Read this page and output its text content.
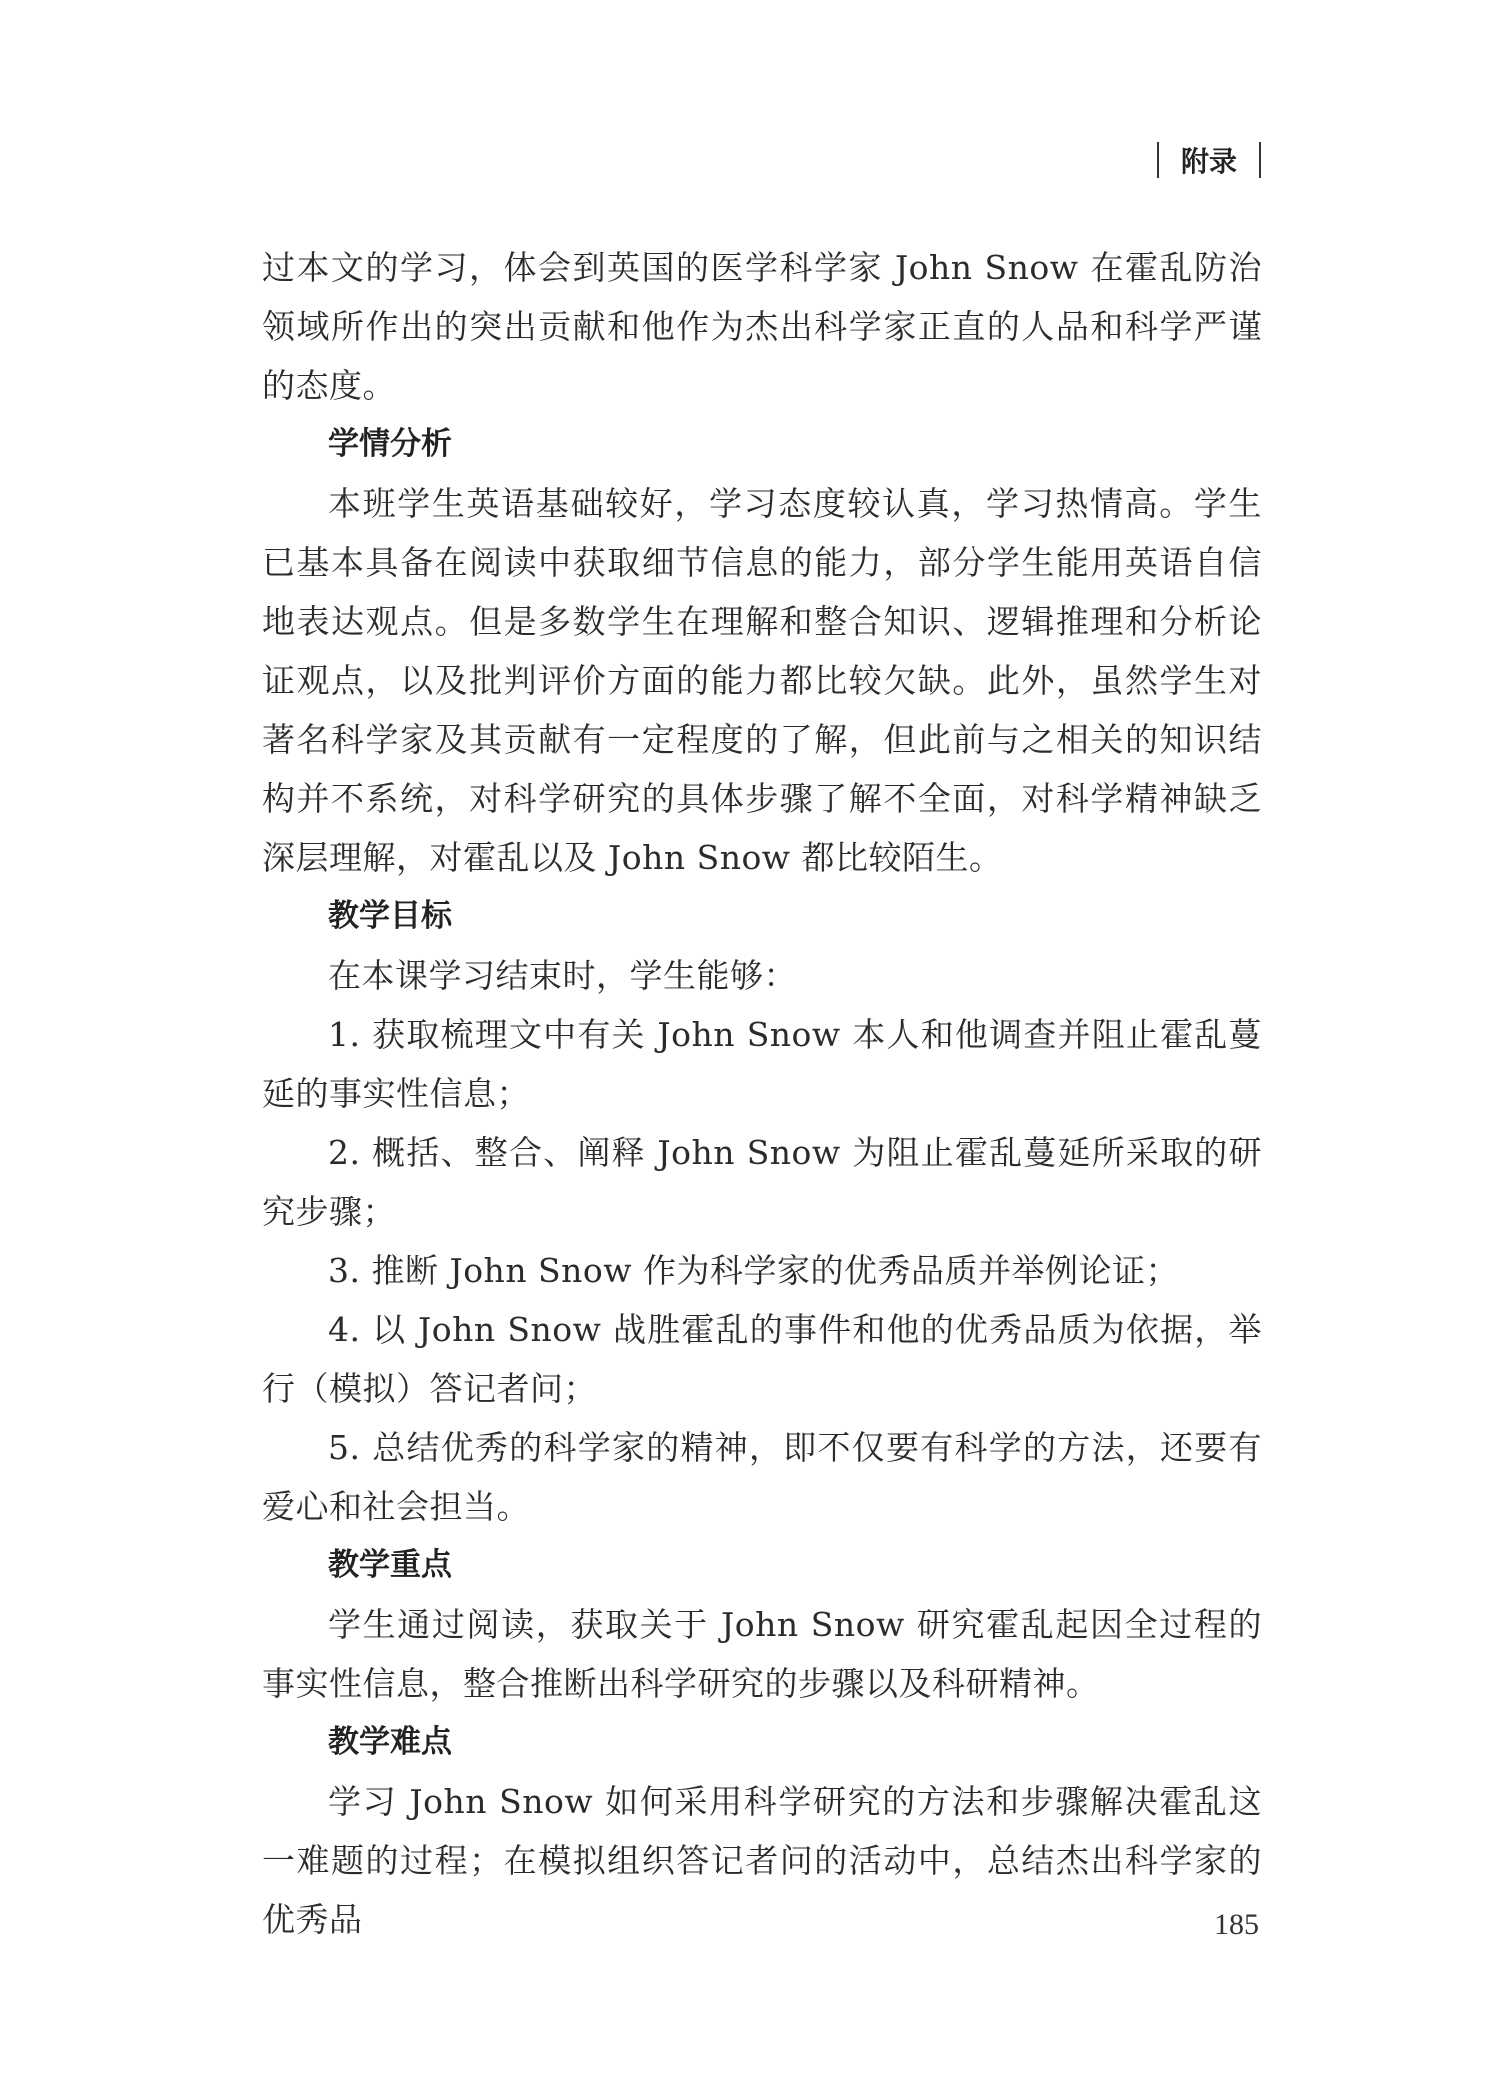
附录

过本文的学习，体会到英国的医学科学家 John Snow 在霍乱防治领域所作出的突出贡献和他作为杰出科学家正直的人品和科学严谨的态度。

学情分析

本班学生英语基础较好，学习态度较认真，学习热情高。学生已基本具备在阅读中获取细节信息的能力，部分学生能用英语自信地表达观点。但是多数学生在理解和整合知识、逻辑推理和分析论证观点，以及批判评价方面的能力都比较欠缺。此外，虽然学生对著名科学家及其贡献有一定程度的了解，但此前与之相关的知识结构并不系统，对科学研究的具体步骤了解不全面，对科学精神缺乏深层理解，对霍乱以及 John Snow 都比较陌生。

教学目标

在本课学习结束时，学生能够：

1. 获取梳理文中有关 John Snow 本人和他调查并阻止霍乱蔓延的事实性信息；

2. 概括、整合、阐释 John Snow 为阻止霍乱蔓延所采取的研究步骤；

3. 推断 John Snow 作为科学家的优秀品质并举例论证；

4. 以 John Snow 战胜霍乱的事件和他的优秀品质为依据，举行（模拟）答记者问；

5. 总结优秀的科学家的精神，即不仅要有科学的方法，还要有爱心和社会担当。

教学重点

学生通过阅读，获取关于 John Snow 研究霍乱起因全过程的事实性信息，整合推断出科学研究的步骤以及科研精神。

教学难点

学习 John Snow 如何采用科学研究的方法和步骤解决霍乱这一难题的过程；在模拟组织答记者问的活动中，总结杰出科学家的优秀品	185
